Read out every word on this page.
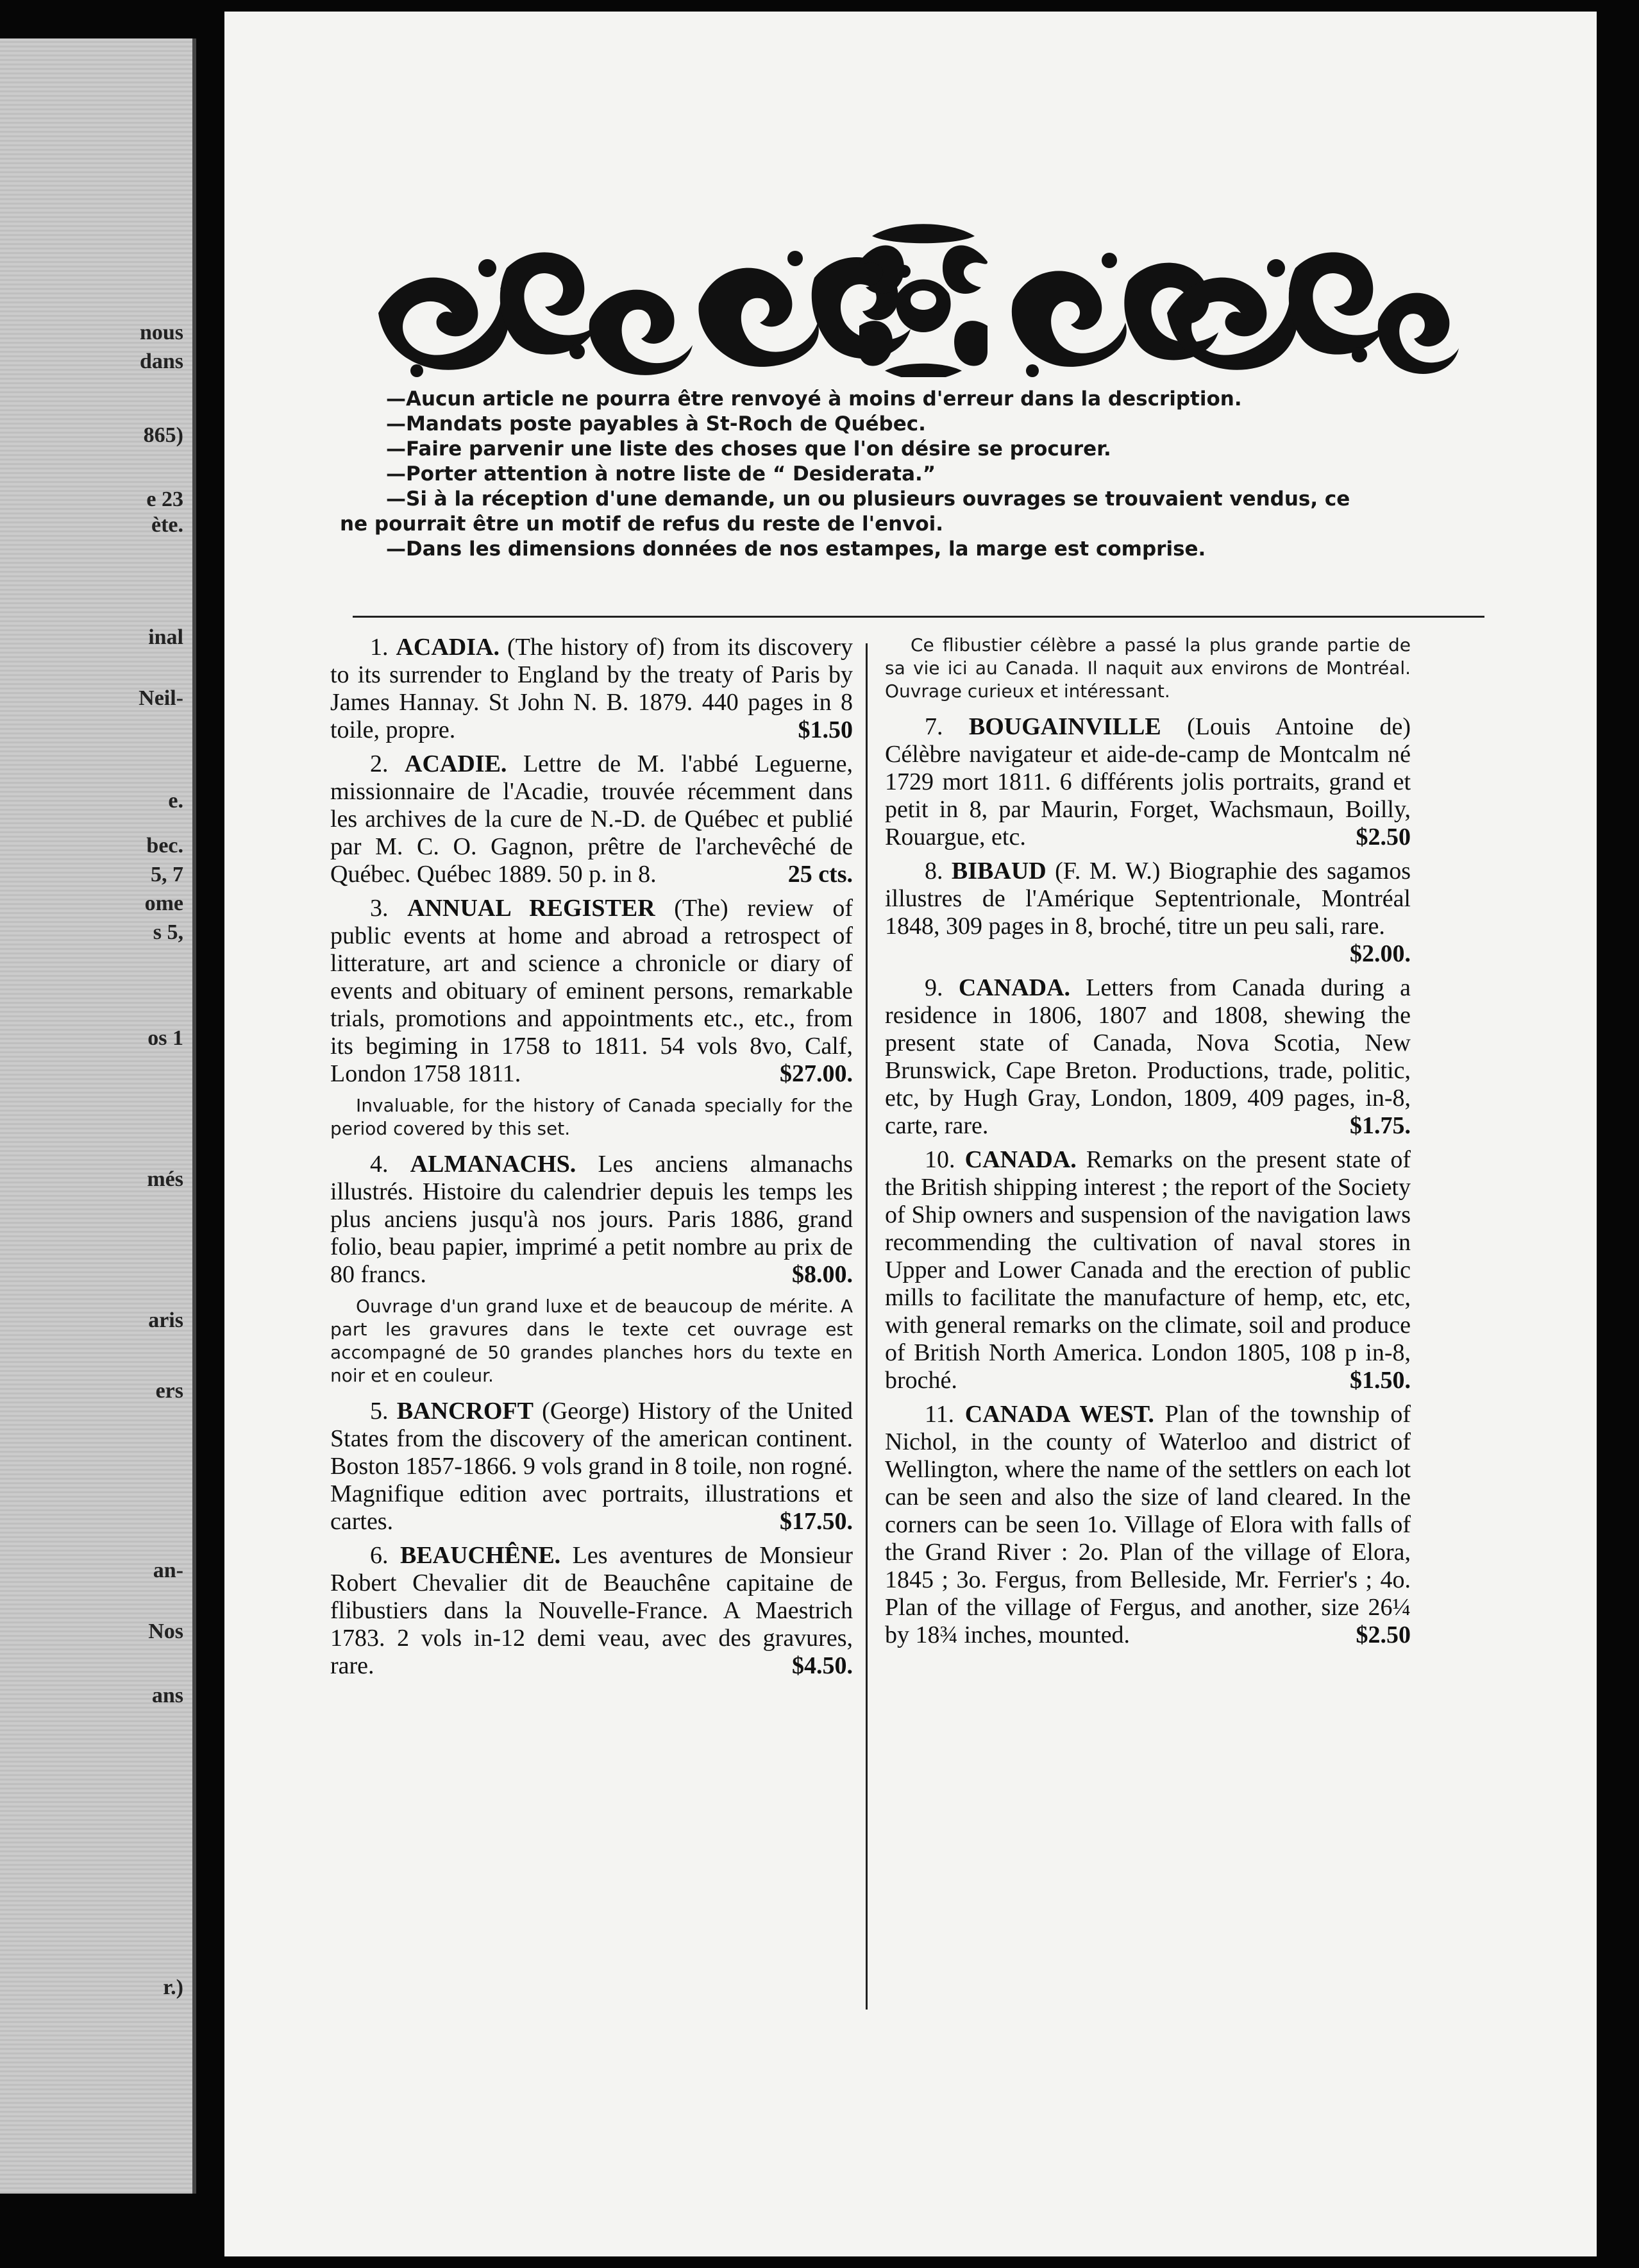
nous
dans
865)
e 23
ète.
inal
Neil-
e.
bec.
5, 7
ome
s 5,
os 1
més
aris
ers
an-
Nos
ans
r.)
—Aucun article ne pourra être renvoyé à moins d'erreur dans la description.
—Mandats poste payables à St-Roch de Québec.
—Faire parvenir une liste des choses que l'on désire se procurer.
—Porter attention à notre liste de “ Desiderata.”
—Si à la réception d'une demande, un ou plusieurs ouvrages se trouvaient vendus, ce
ne pourrait être un motif de refus du reste de l'envoi.
—Dans les dimensions données de nos estampes, la marge est comprise.
1. ACADIA. (The history of) from its discovery to its surrender to England by the treaty of Paris by James Hannay. St John N. B. 1879. 440 pages in 8 toile, propre.	$1.50
2. ACADIE. Lettre de M. l'abbé Leguerne, missionnaire de l'Acadie, trouvée récemment dans les archives de la cure de N.-D. de Québec et publié par M. C. O. Gagnon, prêtre de l'archevêché de Québec. Québec 1889. 50 p. in 8.	25 cts.
3. ANNUAL REGISTER (The) review of public events at home and abroad a retrospect of litterature, art and science a chronicle or diary of events and obituary of eminent persons, remarkable trials, promotions and appointments etc., etc., from its begiming in 1758 to 1811. 54 vols 8vo, Calf, London 1758 1811.	$27.00.
Invaluable, for the history of Canada specially for the period covered by this set.
4. ALMANACHS. Les anciens almanachs illustrés. Histoire du calendrier depuis les temps les plus anciens jusqu'à nos jours. Paris 1886, grand folio, beau papier, imprimé a petit nombre au prix de 80 francs.	$8.00.
Ouvrage d'un grand luxe et de beaucoup de mérite. A part les gravures dans le texte cet ouvrage est accompagné de 50 grandes planches hors du texte en noir et en couleur.
5. BANCROFT (George) History of the United States from the discovery of the american continent. Boston 1857-1866. 9 vols grand in 8 toile, non rogné. Magnifique edition avec portraits, illustrations et cartes.	$17.50.
6. BEAUCHÊNE. Les aventures de Monsieur Robert Chevalier dit de Beauchêne capitaine de flibustiers dans la Nouvelle-France. A Maestrich 1783. 2 vols in-12 demi veau, avec des gravures, rare.	$4.50.
Ce flibustier célèbre a passé la plus grande partie de sa vie ici au Canada. Il naquit aux environs de Montréal. Ouvrage curieux et intéressant.
7. BOUGAINVILLE (Louis Antoine de) Célèbre navigateur et aide-de-camp de Montcalm né 1729 mort 1811. 6 différents jolis portraits, grand et petit in 8, par Maurin, Forget, Wachsmaun, Boilly, Rouargue, etc.	$2.50
8. BIBAUD (F. M. W.) Biographie des sagamos illustres de l'Amérique Septentrionale, Montréal 1848, 309 pages in 8, broché, titre un peu sali, rare.
$2.00.
9. CANADA. Letters from Canada during a residence in 1806, 1807 and 1808, shewing the present state of Canada, Nova Scotia, New Brunswick, Cape Breton. Productions, trade, politic, etc, by Hugh Gray, London, 1809, 409 pages, in-8, carte, rare.	$1.75.
10. CANADA. Remarks on the present state of the British shipping interest ; the report of the Society of Ship owners and suspension of the navigation laws recommending the cultivation of naval stores in Upper and Lower Canada and the erection of public mills to facilitate the manufacture of hemp, etc, etc, with general remarks on the climate, soil and produce of British North America. London 1805, 108 p in-8, broché.	$1.50.
11. CANADA WEST. Plan of the township of Nichol, in the county of Waterloo and district of Wellington, where the name of the settlers on each lot can be seen and also the size of land cleared. In the corners can be seen 1o. Village of Elora with falls of the Grand River : 2o. Plan of the village of Elora, 1845 ; 3o. Fergus, from Belleside, Mr. Ferrier's ; 4o. Plan of the village of Fergus, and another, size 26¼ by 18¾ inches, mounted.	$2.50
